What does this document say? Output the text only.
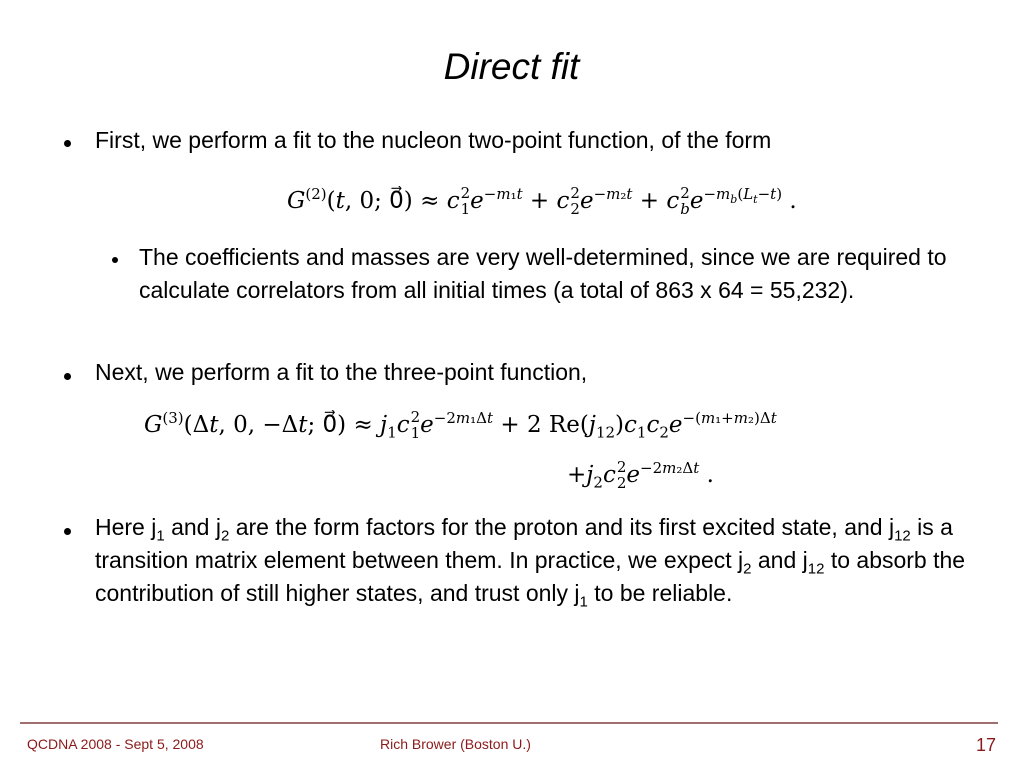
Direct fit
First, we perform a fit to the nucleon two-point function, of the form
$G^{(2)}(t$, 0; 0⃗) ≈ c 2
1 $e^{-m_1t} + c$ 2
2 $e^{-m_2t} + c$ 2
b $e^{-m_b(L_t-t)}$ .
The coefficients and masses are very well-determined, since we are required to calculate correlators from all initial times (a total of 863 x 64 = 55,232).
Next, we perform a fit to the three-point function,
$G^{(3)}(\Delta t$, 0, −Δt; 0⃗) ≈ $j_1c$ 2
1 $e^{-2m_1\Delta t} + 2$ $Re(j_{12})c_1c_2e^{-(m_1+m_2)\Delta t}$
$+j_2c$ 2
2 $e^{-2m_2\Delta t}$ .
Here $j_1$ and $j_2$ are the form factors for the proton and its first excited state, and $j_{12}$ is a transition matrix element between them. In practice, we expect $j_2$ and $j_{12}$ to absorb the contribution of still higher states, and trust only $j_1$ to be reliable.
QCDNA 2008 - Sept 5, 2008	Rich Brower (Boston U.)	17
